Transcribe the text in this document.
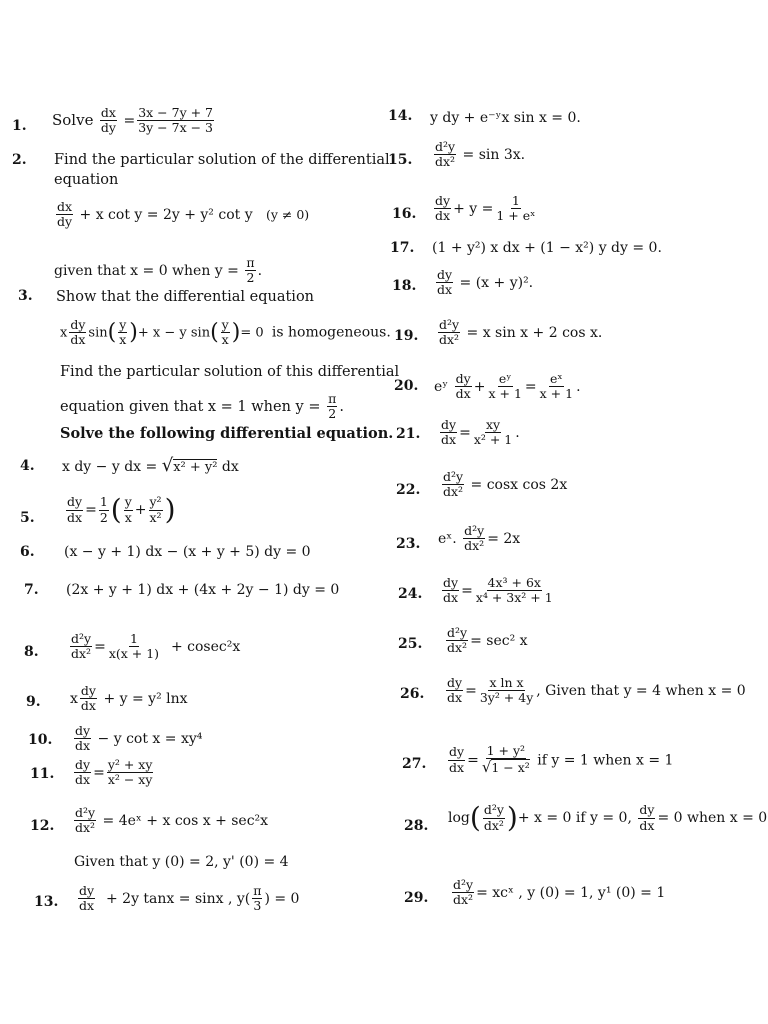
1. Solve $\frac{dx}{dy} = \frac{3x - 7y + 7}{3y - 7x - 3}$
2. Find the particular solution of the differential
equation
$\frac{dx}{dy} + x$ cot y = 2y + y² cot y (y ≠ 0)
given that x = 0 when $y = \frac{\pi}{2}$ .
3. Show that the differential equation
x $\frac{dy}{dx} \sin( \frac{y}{x}$ )+ x − y $\sin( \frac{y}{x}$ )= 0 is homogeneous.
Find the particular solution of this differential
equation given that x = 1 when $y = \frac{\pi}{2}$ .
Solve the following differential equation.
4. x dy − y dx = √x² + y² dx
5.	$\frac{dy}{dx} = \frac{1}{2}$ ( $\frac{y}{x} + \frac{\text{y²}}{\text{x²}}$ )
6. (x − y + 1) dx − (x + y + 5) dy = 0
7. (2x + y + 1) dx + (4x + 2y − 1) dy = 0
8.	$\frac{\text{d²y}}{\text{dx²}} = \frac{1}{x(x + 1)} + cosec^2x$
9. x $\frac{dy}{dx} + y = y^2$ lnx
10. $\frac{dy}{dx} - y$ cot x = xy⁴
11. $\frac{dy}{dx} = \frac{\text{y² + xy}}{\text{x² − xy}}$
12. $\frac{\text{d²y}}{\text{dx²}}$ = 4eˣ + x cos x + sec²x
Given that y (0) = 2, y' (0) = 4
13. $\frac{dy}{dx} + 2y$ tanx = sinx , $y( \frac{\pi}{3}$ ) = 0
14. y dy + e⁻ʸx sin x = 0.
15. $\frac{\text{d²y}}{\text{dx²}} = \sin 3x$.
16. $\frac{dy}{dx} + y = \frac{1}{\text{1 + eˣ}}$
17. (1 + y²) x dx + (1 − x²) y dy = 0.
18. $\frac{dy}{dx} = (x + y)^2$.
19. $\frac{\text{d²y}}{\text{dx²}} = x$ sin x + 2 cos x.
20. eʸ $\frac{dy}{dx} + \frac{\text{eʸ}}{x + 1} = \frac{\text{eˣ}}{x + 1}$ .
21. $\frac{dy}{dx} = \frac{xy}{\text{x² + 1}}$ .
22. $\frac{\text{d²y}}{\text{dx²}} = \cos x$ cos 2x
23. eˣ. $\frac{\text{d²y}}{\text{dx²}} = 2x$
24. $\frac{dy}{dx} = \frac{\text{4x³ + 6x}}{\text{x⁴ + 3x² + 1}}$
25. $\frac{\text{d²y}}{\text{dx²}} = \sec^2$ x
26. $\frac{dy}{dx} = \frac{\text{x ln x}}{\text{3y² + 4y}}$ , Given that y = 4 when x = 0
27. $\frac{dy}{dx} = \frac{\text{1 + y²}}{\text{√1 − x²}}$ if y = 1 when x = 1
28. $\log( \frac{\text{d²y}}{\text{dx²}}$ )+ x = 0 if y = 0, $\frac{dy}{dx} = 0$ when x = 0
29. $\frac{\text{d²y}}{\text{dx²}}$ = xcˣ , y (0) = 1, y¹ (0) = 1
